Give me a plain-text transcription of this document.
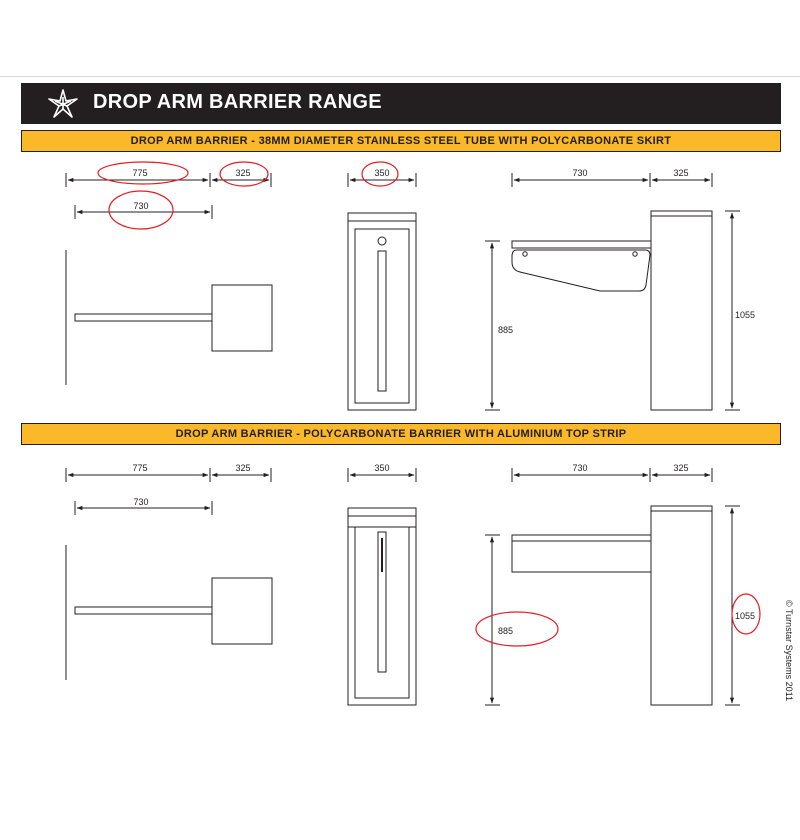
DROP ARM BARRIER RANGE
DROP ARM BARRIER - 38MM DIAMETER STAINLESS STEEL TUBE WITH POLYCARBONATE SKIRT
DROP ARM BARRIER - POLYCARBONATE BARRIER WITH ALUMINIUM TOP STRIP
775	325
730
350	730	325
885
1055
775	325
730
350	730	325
885
1055	© Turnstar Systems 2011
